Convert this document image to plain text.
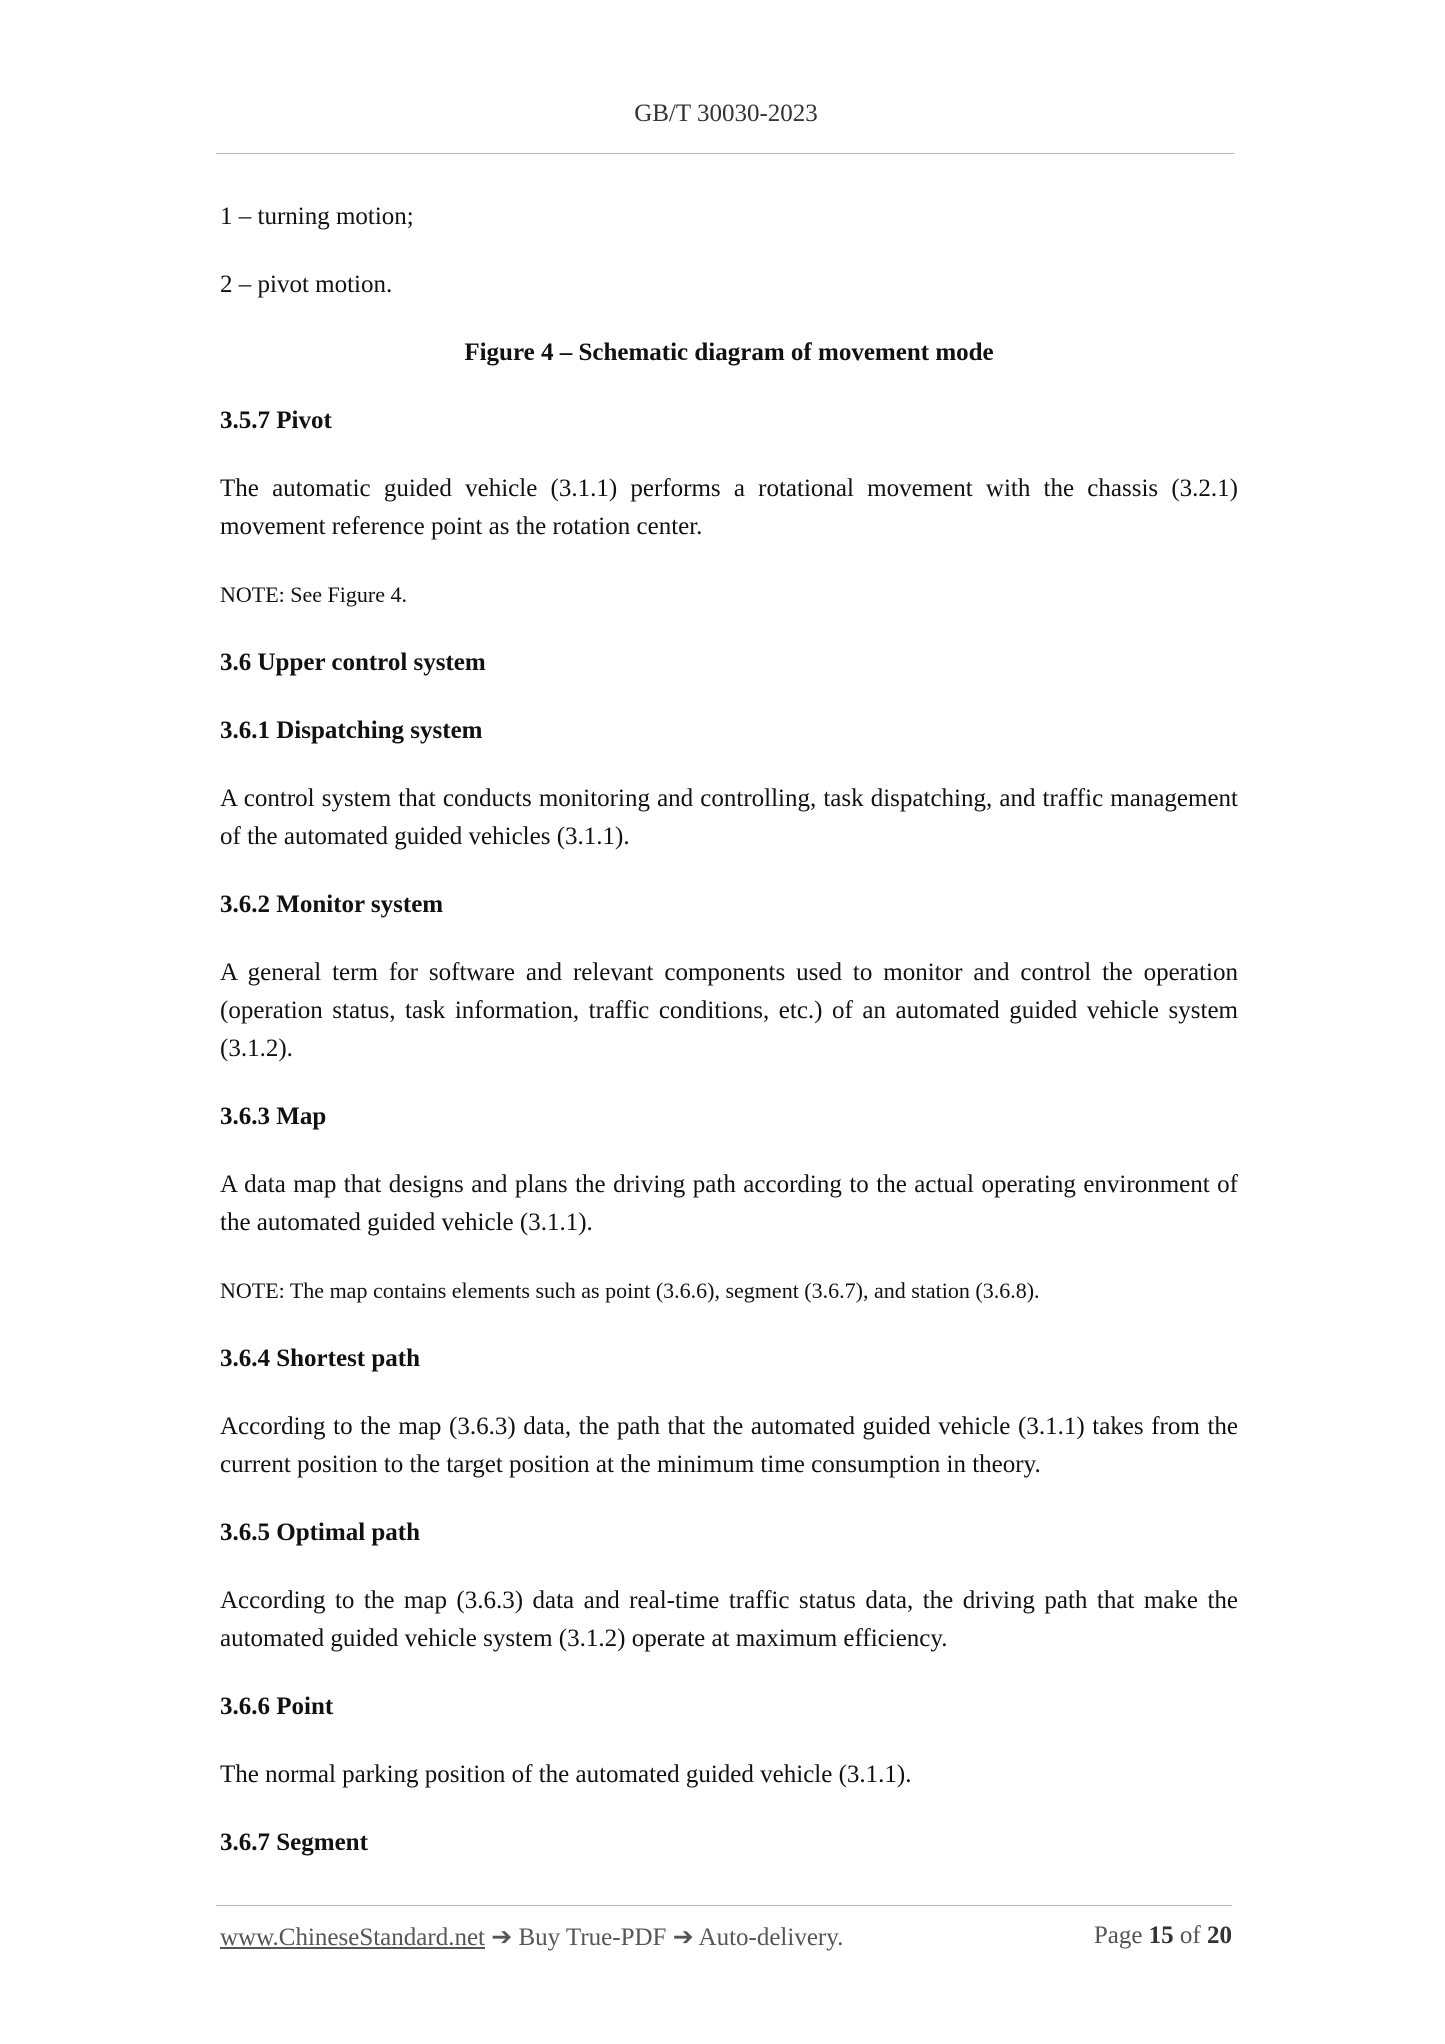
GB/T 30030-2023

1 – turning motion;

2 – pivot motion.

Figure 4 – Schematic diagram of movement mode

3.5.7 Pivot

The automatic guided vehicle (3.1.1) performs a rotational movement with the chassis (3.2.1) movement reference point as the rotation center.

NOTE: See Figure 4.

3.6 Upper control system

3.6.1 Dispatching system

A control system that conducts monitoring and controlling, task dispatching, and traffic management of the automated guided vehicles (3.1.1).

3.6.2 Monitor system

A general term for software and relevant components used to monitor and control the operation (operation status, task information, traffic conditions, etc.) of an automated guided vehicle system (3.1.2).

3.6.3 Map

A data map that designs and plans the driving path according to the actual operating environment of the automated guided vehicle (3.1.1).

NOTE: The map contains elements such as point (3.6.6), segment (3.6.7), and station (3.6.8).

3.6.4 Shortest path

According to the map (3.6.3) data, the path that the automated guided vehicle (3.1.1) takes from the current position to the target position at the minimum time consumption in theory.

3.6.5 Optimal path

According to the map (3.6.3) data and real-time traffic status data, the driving path that make the automated guided vehicle system (3.1.2) operate at maximum efficiency.

3.6.6 Point

The normal parking position of the automated guided vehicle (3.1.1).

3.6.7 Segment

www.ChineseStandard.net ➔ Buy True-PDF ➔ Auto-delivery.	Page 15 of 20
